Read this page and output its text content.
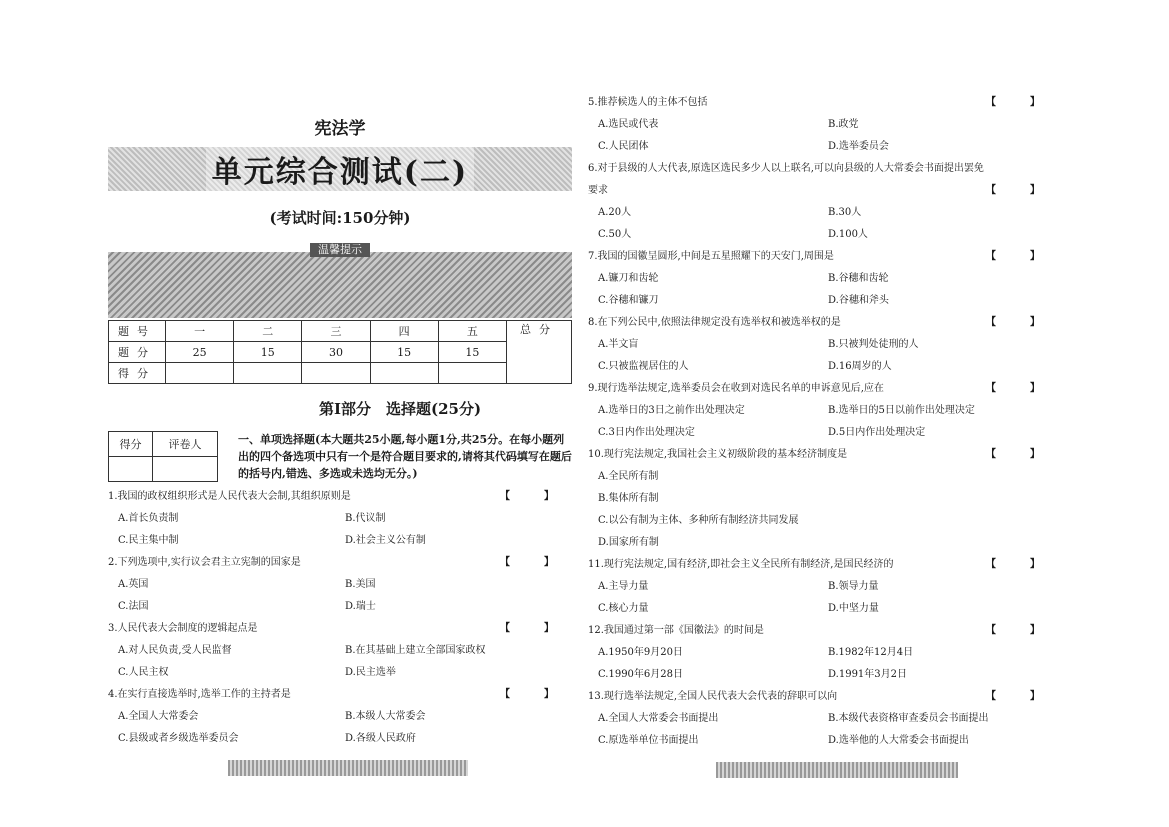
宪法学
单元综合测试(二)
(考试时间:150分钟)
温馨提示
题号	一	二	三	四	五	总分
题分	25	15	30	15	15	
得分						
第Ⅰ部分　选择题(25分)
得分	评卷人
		一、单项选择题(本大题共25小题,每小题1分,共25分。在每小题列出的四个备选项中只有一个是符合题目要求的,请将其代码填写在题后的括号内,错选、多选或未选均无分。)
1.我国的政权组织形式是人民代表大会制,其组织原则是	【　】
A.首长负责制	B.代议制
C.民主集中制	D.社会主义公有制
2.下列选项中,实行议会君主立宪制的国家是	【　】
A.英国	B.美国
C.法国	D.瑞士
3.人民代表大会制度的逻辑起点是	【　】
A.对人民负责,受人民监督	B.在其基础上建立全部国家政权
C.人民主权	D.民主选举
4.在实行直接选举时,选举工作的主持者是	【　】
A.全国人大常委会	B.本级人大常委会
C.县级或者乡级选举委员会	D.各级人民政府
5.推荐候选人的主体不包括	【　】
A.选民或代表	B.政党
C.人民团体	D.选举委员会
6.对于县级的人大代表,原选区选民多少人以上联名,可以向县级的人大常委会书面提出罢免
要求	【　】
A.20人	B.30人
C.50人	D.100人
7.我国的国徽呈圆形,中间是五星照耀下的天安门,周围是	【　】
A.镰刀和齿轮	B.谷穗和齿轮
C.谷穗和镰刀	D.谷穗和斧头
8.在下列公民中,依照法律规定没有选举权和被选举权的是	【　】
A.半文盲	B.只被判处徒刑的人
C.只被监视居住的人	D.16周岁的人
9.现行选举法规定,选举委员会在收到对选民名单的申诉意见后,应在	【　】
A.选举日的3日之前作出处理决定	B.选举日的5日以前作出处理决定
C.3日内作出处理决定	D.5日内作出处理决定
10.现行宪法规定,我国社会主义初级阶段的基本经济制度是	【　】
A.全民所有制
B.集体所有制
C.以公有制为主体、多种所有制经济共同发展
D.国家所有制
11.现行宪法规定,国有经济,即社会主义全民所有制经济,是国民经济的	【　】
A.主导力量	B.领导力量
C.核心力量	D.中坚力量
12.我国通过第一部《国徽法》的时间是	【　】
A.1950年9月20日	B.1982年12月4日
C.1990年6月28日	D.1991年3月2日
13.现行选举法规定,全国人民代表大会代表的辞职可以向	【　】
A.全国人大常委会书面提出	B.本级代表资格审查委员会书面提出
C.原选举单位书面提出	D.选举他的人大常委会书面提出
